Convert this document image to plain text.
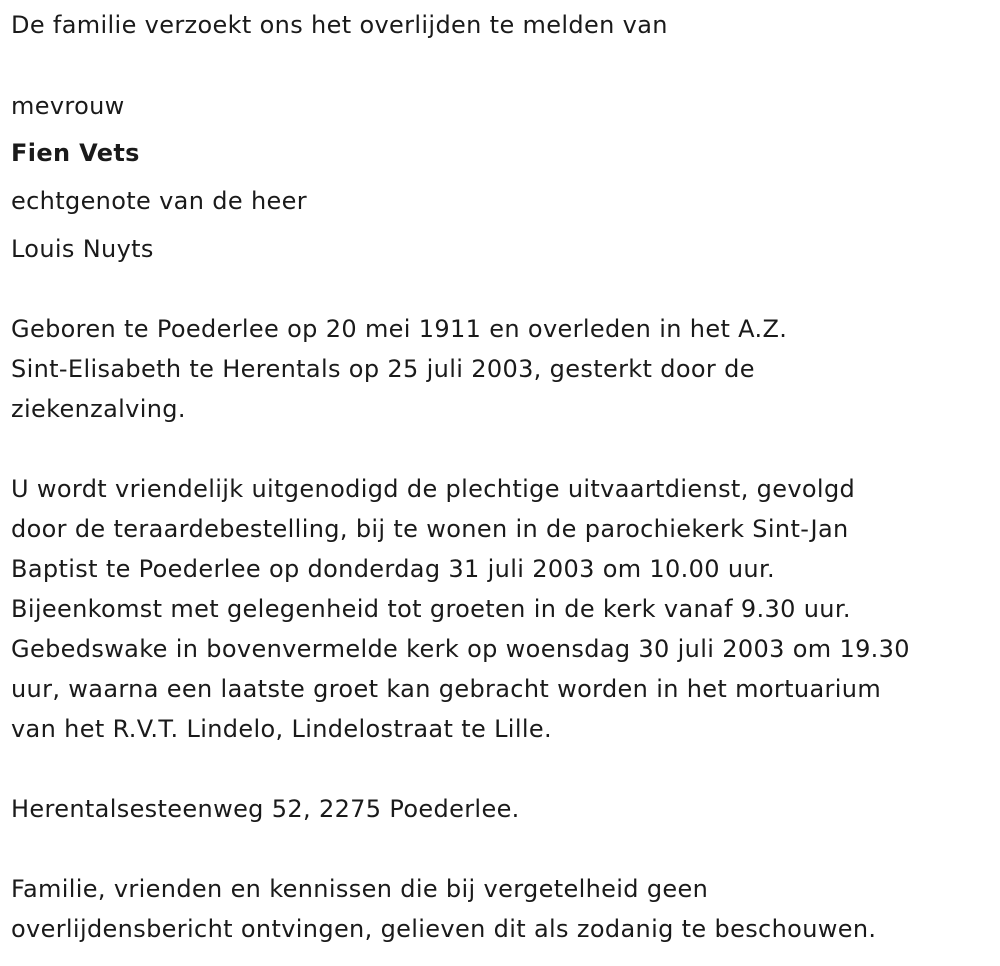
De familie verzoekt ons het overlijden te melden van
mevrouw
Fien Vets
echtgenote van de heer
Louis Nuyts
Geboren te Poederlee op 20 mei 1911 en overleden in het A.Z.
Sint-Elisabeth te Herentals op 25 juli 2003, gesterkt door de
ziekenzalving.
U wordt vriendelijk uitgenodigd de plechtige uitvaartdienst, gevolgd
door de teraardebestelling, bij te wonen in de parochiekerk Sint-Jan
Baptist te Poederlee op donderdag 31 juli 2003 om 10.00 uur.
Bijeenkomst met gelegenheid tot groeten in de kerk vanaf 9.30 uur.
Gebedswake in bovenvermelde kerk op woensdag 30 juli 2003 om 19.30
uur, waarna een laatste groet kan gebracht worden in het mortuarium
van het R.V.T. Lindelo, Lindelostraat te Lille.
Herentalsesteenweg 52, 2275 Poederlee.
Familie, vrienden en kennissen die bij vergetelheid geen
overlijdensbericht ontvingen, gelieven dit als zodanig te beschouwen.
